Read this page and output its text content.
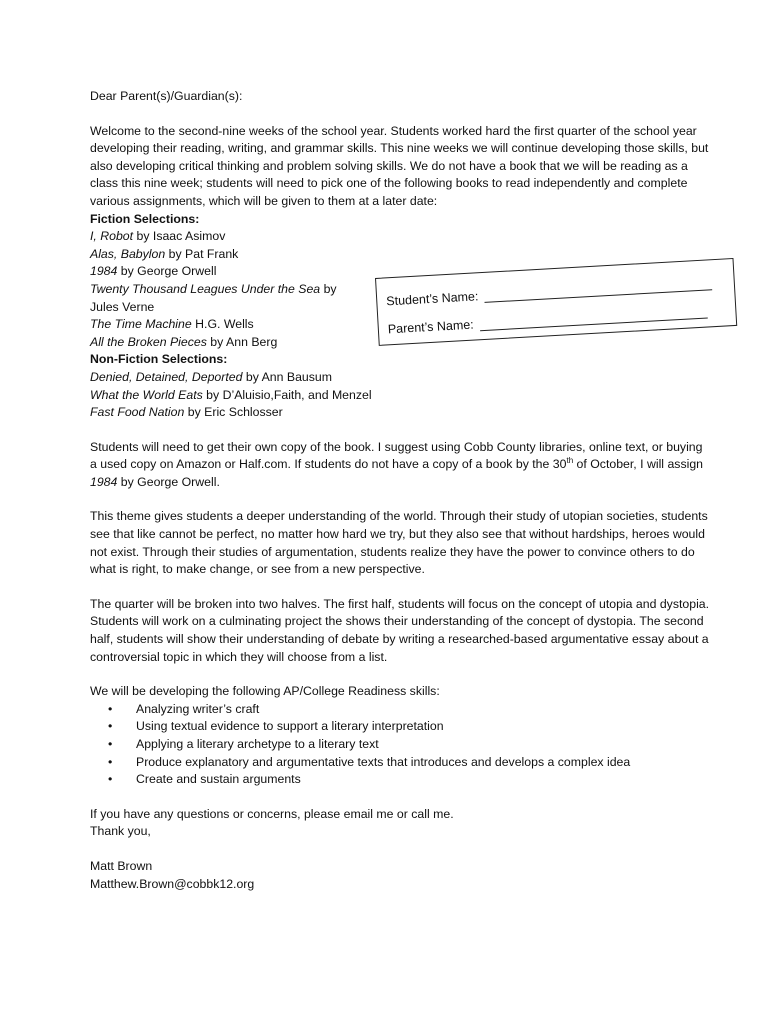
Dear Parent(s)/Guardian(s):

Welcome to the second-nine weeks of the school year. Students worked hard the first quarter of the school year developing their reading, writing, and grammar skills. This nine weeks we will continue developing those skills, but also developing critical thinking and problem solving skills. We do not have a book that we will be reading as a class this nine week; students will need to pick one of the following books to read independently and complete various assignments, which will be given to them at a later date:

Fiction Selections:

I, Robot by Isaac Asimov

Alas, Babylon by Pat Frank

1984 by George Orwell

Twenty Thousand Leagues Under the Sea by

Jules Verne

The Time Machine H.G. Wells

All the Broken Pieces by Ann Berg

Non-Fiction Selections:

Denied, Detained, Deported by Ann Bausum

What the World Eats by D’Aluisio,Faith, and Menzel

Fast Food Nation by Eric Schlosser

Students will need to get their own copy of the book. I suggest using Cobb County libraries, online text, or buying a used copy on Amazon or Half.com. If students do not have a copy of a book by the 30th of October, I will assign 1984 by George Orwell.

This theme gives students a deeper understanding of the world. Through their study of utopian societies, students see that like cannot be perfect, no matter how hard we try, but they also see that without hardships, heroes would not exist. Through their studies of argumentation, students realize they have the power to convince others to do what is right, to make change, or see from a new perspective.

The quarter will be broken into two halves. The first half, students will focus on the concept of utopia and dystopia. Students will work on a culminating project the shows their understanding of the concept of dystopia. The second half, students will show their understanding of debate by writing a researched-based argumentative essay about a controversial topic in which they will choose from a list.

We will be developing the following AP/College Readiness skills:

• Analyzing writer’s craft
• Using textual evidence to support a literary interpretation
• Applying a literary archetype to a literary text
• Produce explanatory and argumentative texts that introduces and develops a complex idea
• Create and sustain arguments

If you have any questions or concerns, please email me or call me.

Thank you,

Matt Brown

Matthew.Brown@cobbk12.org

Student’s Name:
Parent’s Name:
